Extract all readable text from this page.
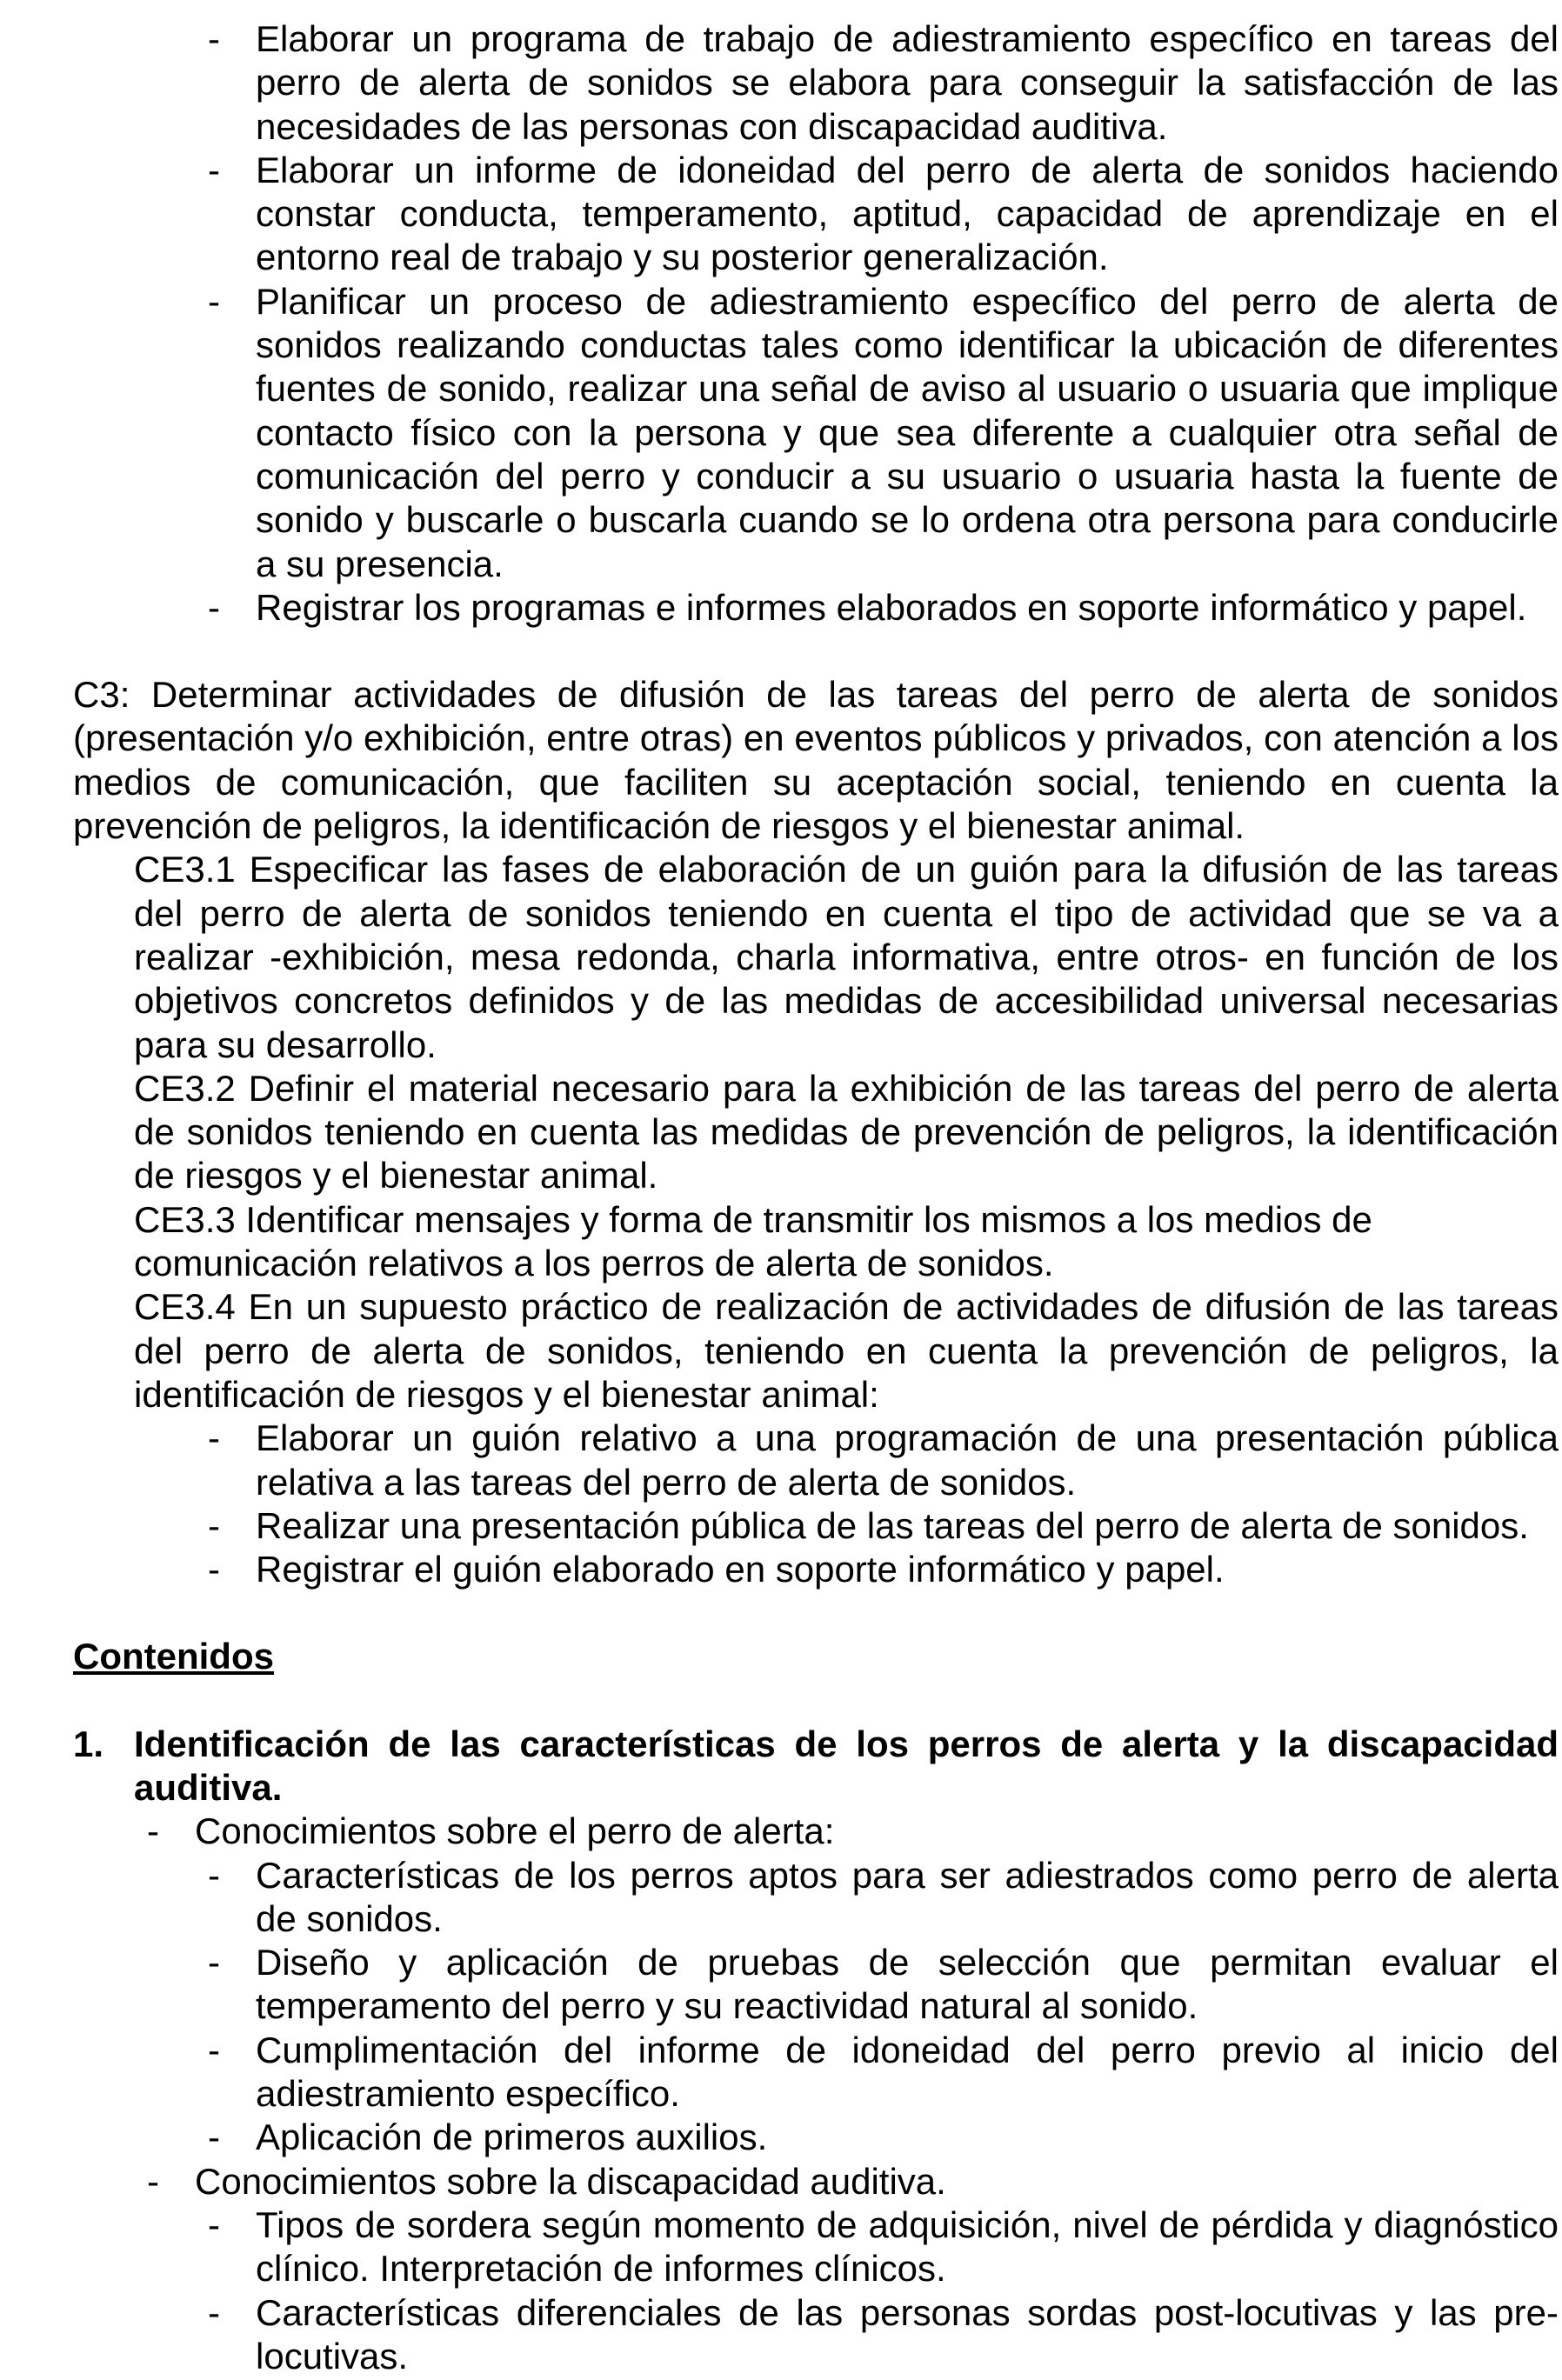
- Elaborar un programa de trabajo de adiestramiento específico en tareas del perro de alerta de sonidos se elabora para conseguir la satisfacción de las necesidades de las personas con discapacidad auditiva.
- Elaborar un informe de idoneidad del perro de alerta de sonidos haciendo constar conducta, temperamento, aptitud, capacidad de aprendizaje en el entorno real de trabajo y su posterior generalización.
- Planificar un proceso de adiestramiento específico del perro de alerta de sonidos realizando conductas tales como identificar la ubicación de diferentes fuentes de sonido, realizar una señal de aviso al usuario o usuaria que implique contacto físico con la persona y que sea diferente a cualquier otra señal de comunicación del perro y conducir a su usuario o usuaria hasta la fuente de sonido y buscarle o buscarla cuando se lo ordena otra persona para conducirle a su presencia.
- Registrar los programas e informes elaborados en soporte informático y papel.
C3: Determinar actividades de difusión de las tareas del perro de alerta de sonidos (presentación y/o exhibición, entre otras) en eventos públicos y privados, con atención a los medios de comunicación, que faciliten su aceptación social, teniendo en cuenta la prevención de peligros, la identificación de riesgos y el bienestar animal.
CE3.1 Especificar las fases de elaboración de un guión para la difusión de las tareas del perro de alerta de sonidos teniendo en cuenta el tipo de actividad que se va a realizar -exhibición, mesa redonda, charla informativa, entre otros- en función de los objetivos concretos definidos y de las medidas de accesibilidad universal necesarias para su desarrollo.
CE3.2 Definir el material necesario para la exhibición de las tareas del perro de alerta de sonidos teniendo en cuenta las medidas de prevención de peligros, la identificación de riesgos y el bienestar animal.
CE3.3 Identificar mensajes y forma de transmitir los mismos a los medios de
comunicación relativos a los perros de alerta de sonidos.
CE3.4 En un supuesto práctico de realización de actividades de difusión de las tareas del perro de alerta de sonidos, teniendo en cuenta la prevención de peligros, la identificación de riesgos y el bienestar animal:
- Elaborar un guión relativo a una programación de una presentación pública relativa a las tareas del perro de alerta de sonidos.
- Realizar una presentación pública de las tareas del perro de alerta de sonidos.
- Registrar el guión elaborado en soporte informático y papel.
Contenidos
1. Identificación de las características de los perros de alerta y la discapacidad auditiva.
- Conocimientos sobre el perro de alerta:
- Características de los perros aptos para ser adiestrados como perro de alerta de sonidos.
- Diseño y aplicación de pruebas de selección que permitan evaluar el temperamento del perro y su reactividad natural al sonido.
- Cumplimentación del informe de idoneidad del perro previo al inicio del adiestramiento específico.
- Aplicación de primeros auxilios.
- Conocimientos sobre la discapacidad auditiva.
- Tipos de sordera según momento de adquisición, nivel de pérdida y diagnóstico clínico. Interpretación de informes clínicos.
- Características diferenciales de las personas sordas post-locutivas y las pre-locutivas.
